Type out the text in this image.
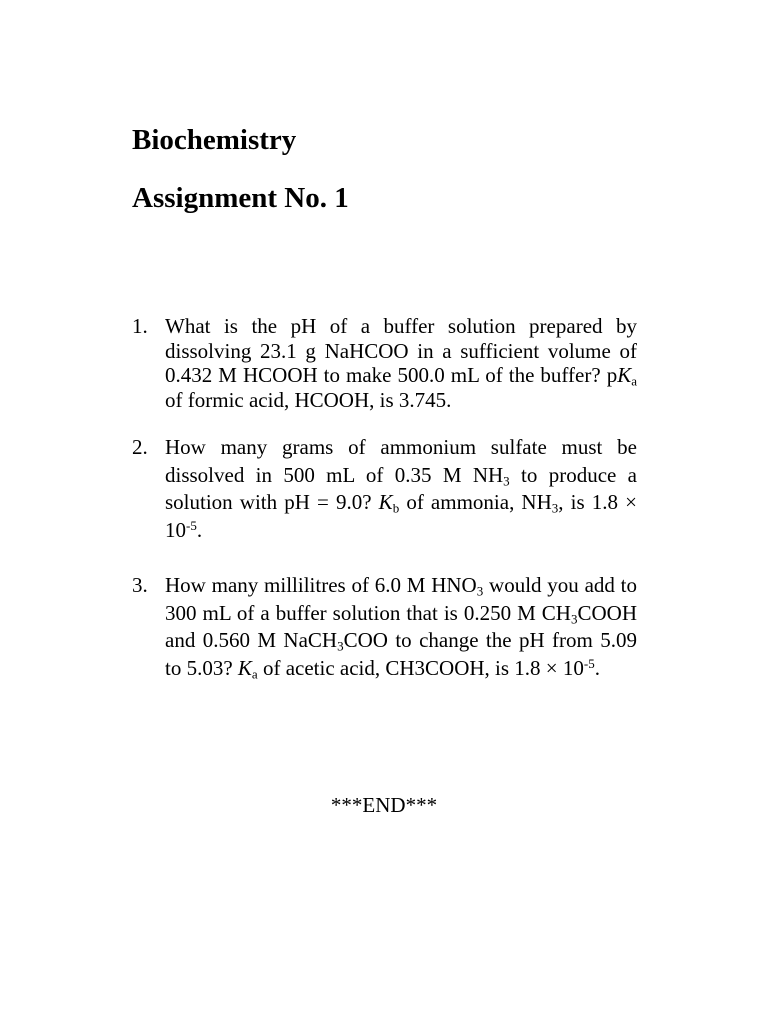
Biochemistry
Assignment No. 1
1. What is the pH of a buffer solution prepared by dissolving 23.1 g NaHCOO in a sufficient volume of 0.432 M HCOOH to make 500.0 mL of the buffer? $pK_a$ of formic acid, HCOOH, is 3.745.
2. How many grams of ammonium sulfate must be dissolved in 500 mL of 0.35 M $NH_3$ to produce a solution with pH = 9.0? $K_b$ of ammonia, $NH_3$, is $1.8 \times 10^{-5}$.
3. How many millilitres of 6.0 M $HNO_3$ would you add to 300 mL of a buffer solution that is 0.250 M $CH_3COOH$ and 0.560 M NaCH$_3$COO to change the pH from 5.09 to 5.03? $K_a$ of acetic acid, CH3COOH, is $1.8 \times 10^{-5}$.
***END***
